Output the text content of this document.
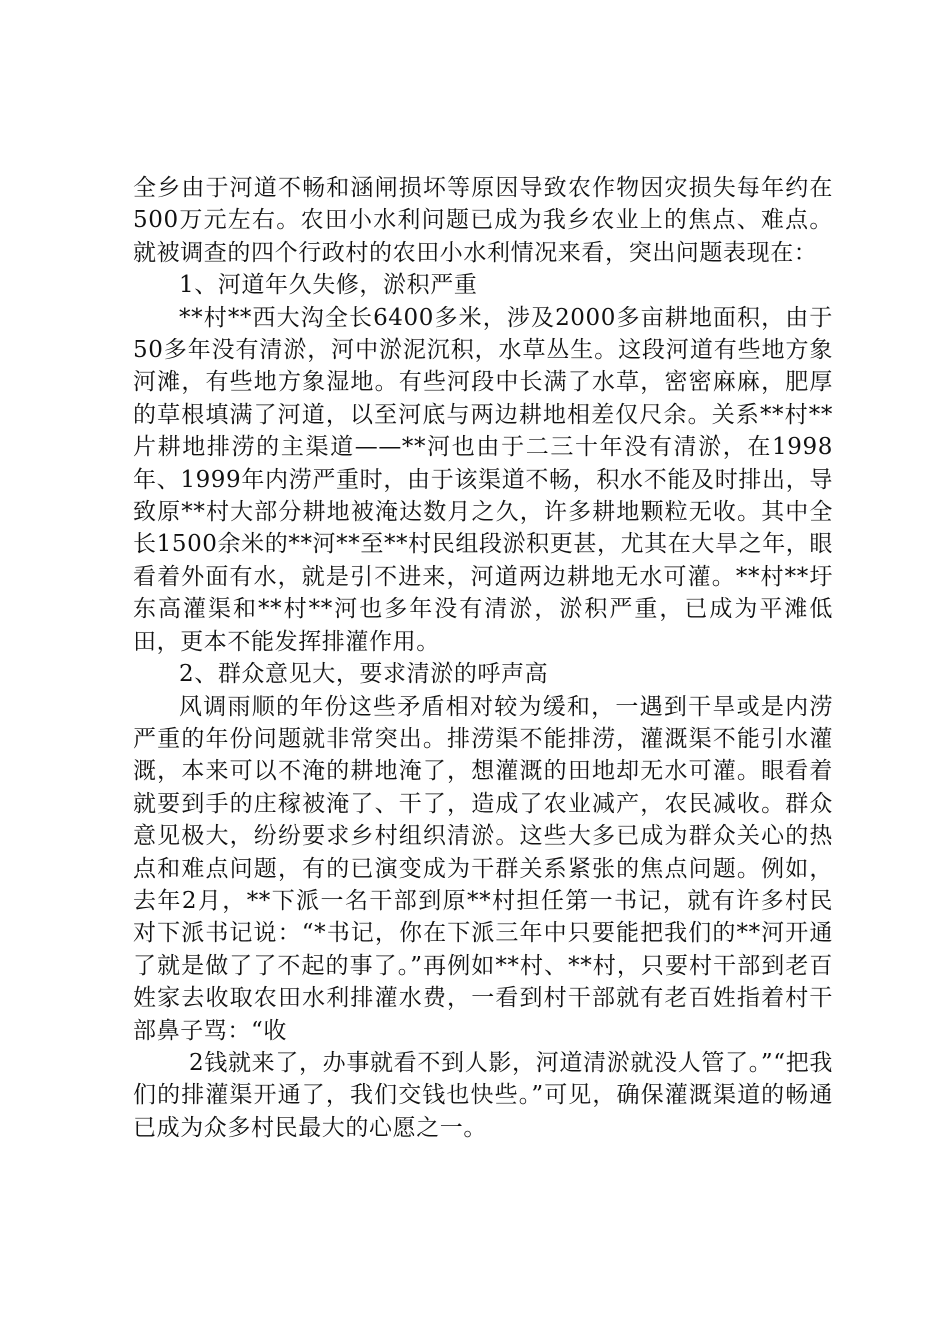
全乡由于河道不畅和涵闸损坏等原因导致农作物因灾损失每年约在500万元左右。农田小水利问题已成为我乡农业上的焦点、难点。就被调查的四个行政村的农田小水利情况来看，突出问题表现在：

1、河道年久失修，淤积严重

**村**西大沟全长6400多米，涉及2000多亩耕地面积，由于50多年没有清淤，河中淤泥沉积，水草丛生。这段河道有些地方象河滩，有些地方象湿地。有些河段中长满了水草，密密麻麻，肥厚的草根填满了河道，以至河底与两边耕地相差仅尺余。关系**村**片耕地排涝的主渠道——**河也由于二三十年没有清淤，在1998年、1999年内涝严重时，由于该渠道不畅，积水不能及时排出，导致原**村大部分耕地被淹达数月之久，许多耕地颗粒无收。其中全长1500余米的**河**至**村民组段淤积更甚，尤其在大旱之年，眼看着外面有水，就是引不进来，河道两边耕地无水可灌。**村**圩东高灌渠和**村**河也多年没有清淤，淤积严重，已成为平滩低田，更本不能发挥排灌作用。

2、群众意见大，要求清淤的呼声高

风调雨顺的年份这些矛盾相对较为缓和，一遇到干旱或是内涝严重的年份问题就非常突出。排涝渠不能排涝，灌溉渠不能引水灌溉，本来可以不淹的耕地淹了，想灌溉的田地却无水可灌。眼看着就要到手的庄稼被淹了、干了，造成了农业减产，农民减收。群众意见极大，纷纷要求乡村组织清淤。这些大多已成为群众关心的热点和难点问题，有的已演变成为干群关系紧张的焦点问题。例如，去年2月，**下派一名干部到原**村担任第一书记，就有许多村民对下派书记说：“*书记，你在下派三年中只要能把我们的**河开通了就是做了了不起的事了。”再例如**村、**村，只要村干部到老百姓家去收取农田水利排灌水费，一看到村干部就有老百姓指着村干部鼻子骂：“收

2钱就来了，办事就看不到人影，河道清淤就没人管了。”“把我们的排灌渠开通了，我们交钱也快些。”可见，确保灌溉渠道的畅通已成为众多村民最大的心愿之一。
